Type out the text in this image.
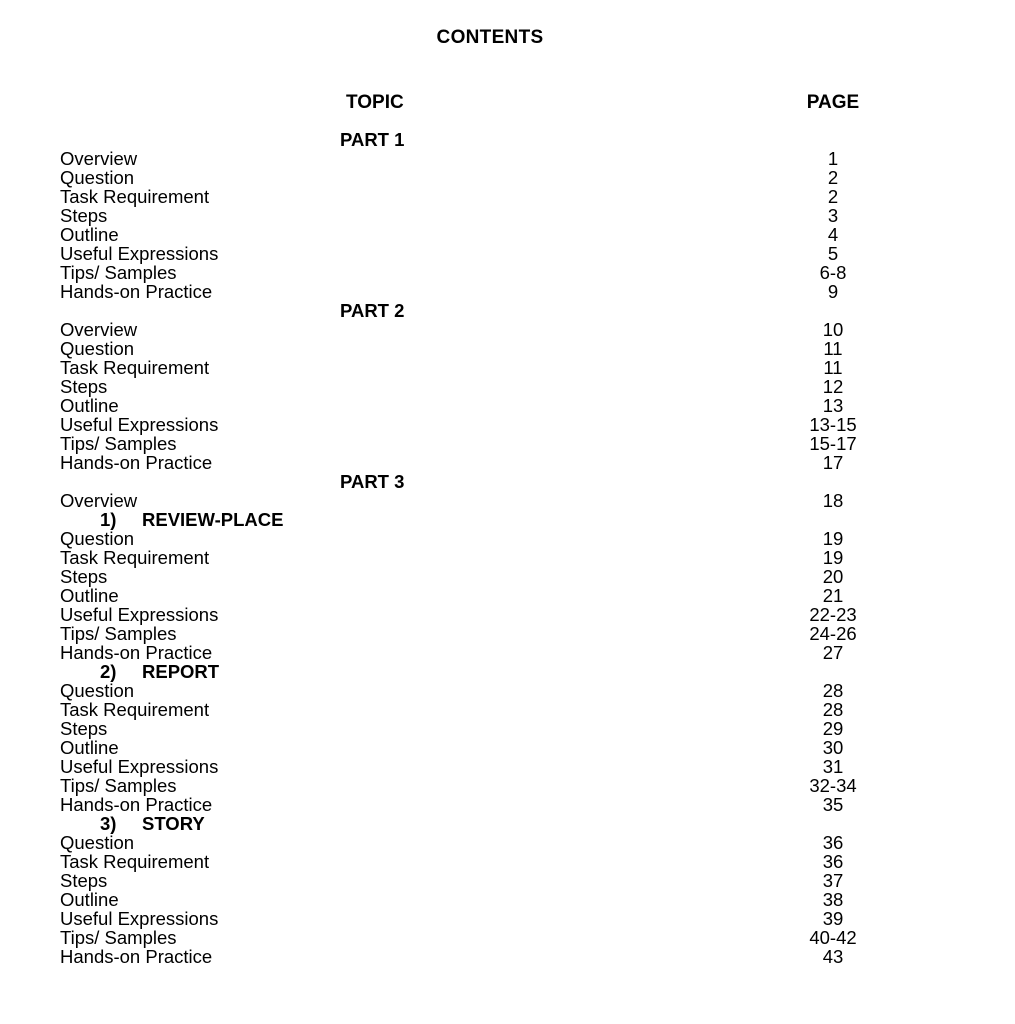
CONTENTS
TOPIC	PAGE
PART 1
Overview	1
Question	2
Task Requirement	2
Steps	3
Outline	4
Useful Expressions	5
Tips/ Samples	6-8
Hands-on Practice	9
PART 2
Overview	10
Question	11
Task Requirement	11
Steps	12
Outline	13
Useful Expressions	13-15
Tips/ Samples	15-17
Hands-on Practice	17
PART 3
Overview	18
1) REVIEW-PLACE
Question	19
Task Requirement	19
Steps	20
Outline	21
Useful Expressions	22-23
Tips/ Samples	24-26
Hands-on Practice	27
2) REPORT
Question	28
Task Requirement	28
Steps	29
Outline	30
Useful Expressions	31
Tips/ Samples	32-34
Hands-on Practice	35
3) STORY
Question	36
Task Requirement	36
Steps	37
Outline	38
Useful Expressions	39
Tips/ Samples	40-42
Hands-on Practice	43
